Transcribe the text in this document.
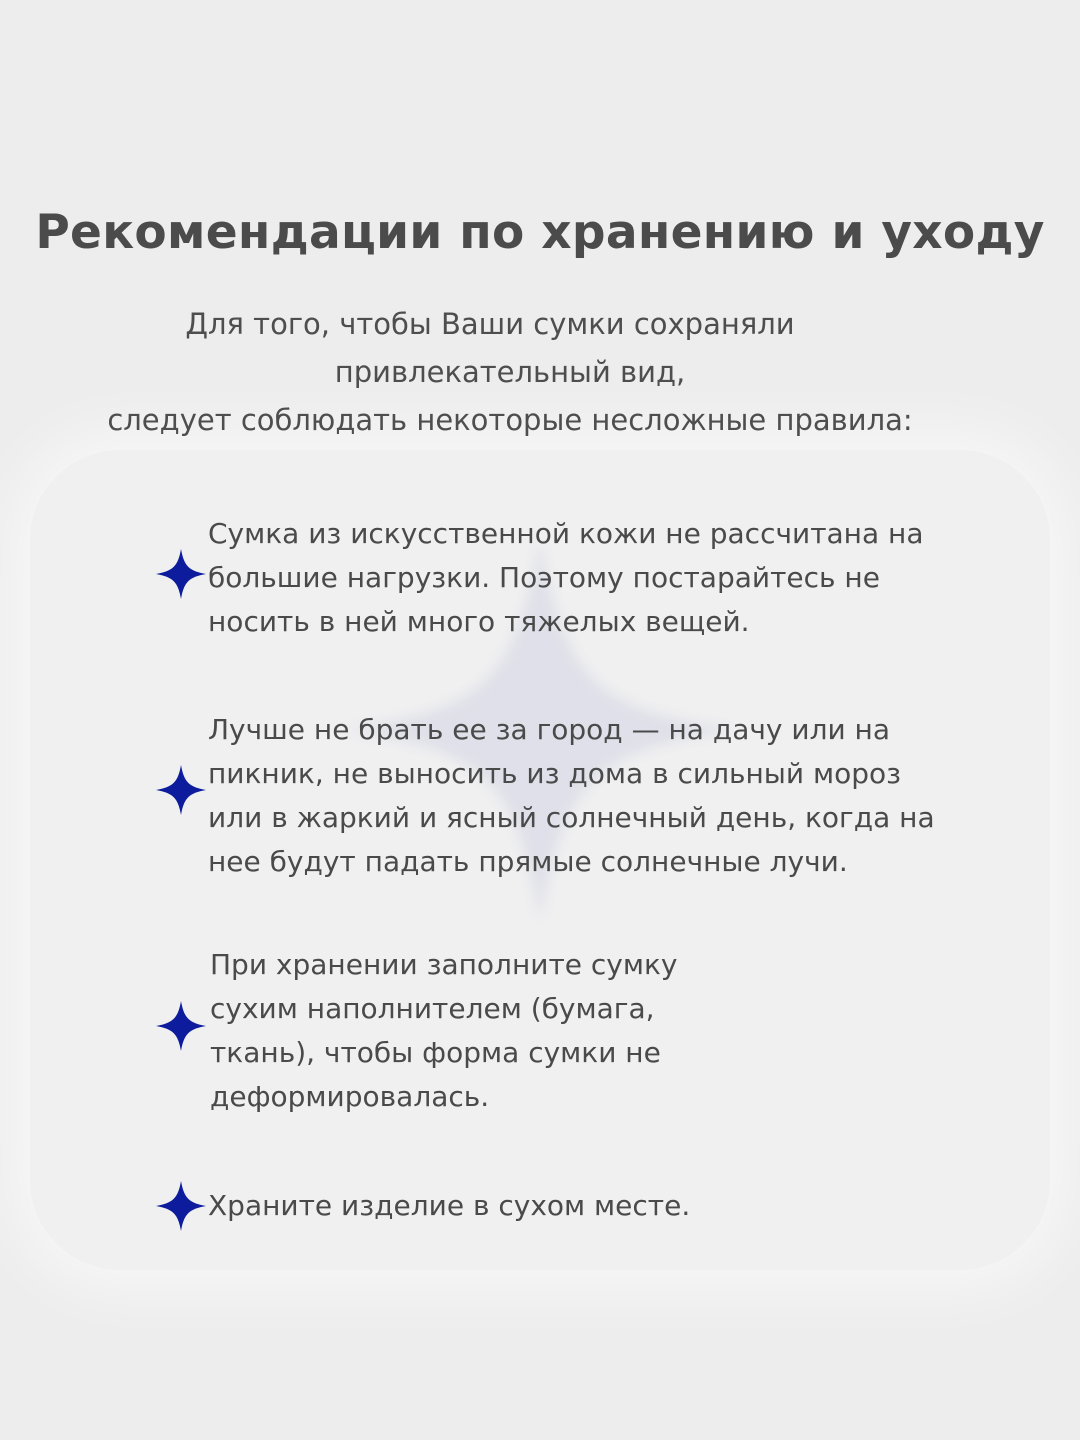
Рекомендации по хранению и уходу
Для того, чтобы Ваши сумки сохраняли
привлекательный вид,
следует соблюдать некоторые несложные правила:
Сумка из искусственной кожи не рассчитана на
большие нагрузки. Поэтому постарайтесь не
носить в ней много тяжелых вещей.
Лучше не брать ее за город — на дачу или на
пикник, не выносить из дома в сильный мороз
или в жаркий и ясный солнечный день, когда на
нее будут падать прямые солнечные лучи.
При хранении заполните сумку
сухим наполнителем (бумага,
ткань), чтобы форма сумки не
деформировалась.
Храните изделие в сухом месте.
